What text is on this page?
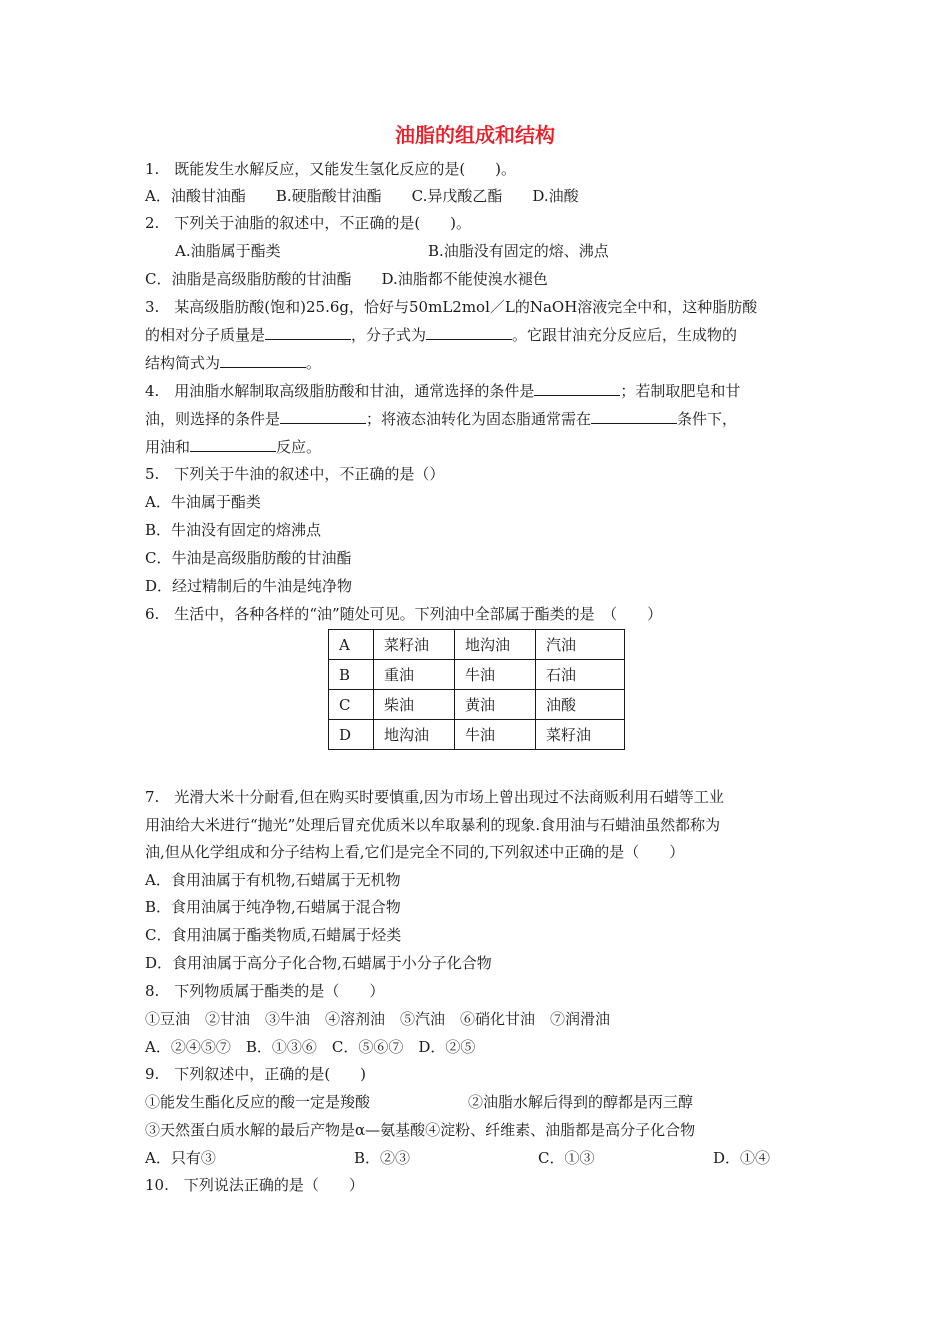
油脂的组成和结构
1.　既能发生水解反应，又能发生氢化反应的是(　　)。
A．油酸甘油酯　　B.硬脂酸甘油酯　　C.异戊酸乙酯　　D.油酸
2.　下列关于油脂的叙述中，不正确的是(　　)。
A.油脂属于酯类	B.油脂没有固定的熔、沸点
C．油脂是高级脂肪酸的甘油酯　　D.油脂都不能使溴水褪色
3.　某高级脂肪酸(饱和)25.6g，恰好与50mL2mol／L的NaOH溶液完全中和，这种脂肪酸
的相对分子质量是	，分子式为	。它跟甘油充分反应后，生成物的
结构简式为	。
4.　用油脂水解制取高级脂肪酸和甘油，通常选择的条件是	；若制取肥皂和甘
油，则选择的条件是	；将液态油转化为固态脂通常需在	条件下，
用油和	反应。
5.　下列关于牛油的叙述中，不正确的是（）
A．牛油属于酯类
B．牛油没有固定的熔沸点
C．牛油是高级脂肪酸的甘油酯
D．经过精制后的牛油是纯净物
6.　生活中，各种各样的“油”随处可见。下列油中全部属于酯类的是　（　　）
A	菜籽油	地沟油	汽油
B	重油	牛油	石油
C	柴油	黄油	油酸
D	地沟油	牛油	菜籽油
7.　光滑大米十分耐看,但在购买时要慎重,因为市场上曾出现过不法商贩利用石蜡等工业
用油给大米进行“抛光”处理后冒充优质米以牟取暴利的现象.食用油与石蜡油虽然都称为
油,但从化学组成和分子结构上看,它们是完全不同的,下列叙述中正确的是（　　）
A．食用油属于有机物,石蜡属于无机物
B．食用油属于纯净物,石蜡属于混合物
C．食用油属于酯类物质,石蜡属于烃类
D．食用油属于高分子化合物,石蜡属于小分子化合物
8.　下列物质属于酯类的是（　　）
①豆油　②甘油　③牛油　④溶剂油　⑤汽油　⑥硝化甘油　⑦润滑油
A．②④⑤⑦　B．①③⑥　C．⑤⑥⑦　D．②⑤
9.　下列叙述中，正确的是(　　)
①能发生酯化反应的酸一定是羧酸	②油脂水解后得到的醇都是丙三醇
③天然蛋白质水解的最后产物是α—氨基酸④淀粉、纤维素、油脂都是高分子化合物
A．只有③	B．②③	C．①③	D．①④
10.　下列说法正确的是（　　）
